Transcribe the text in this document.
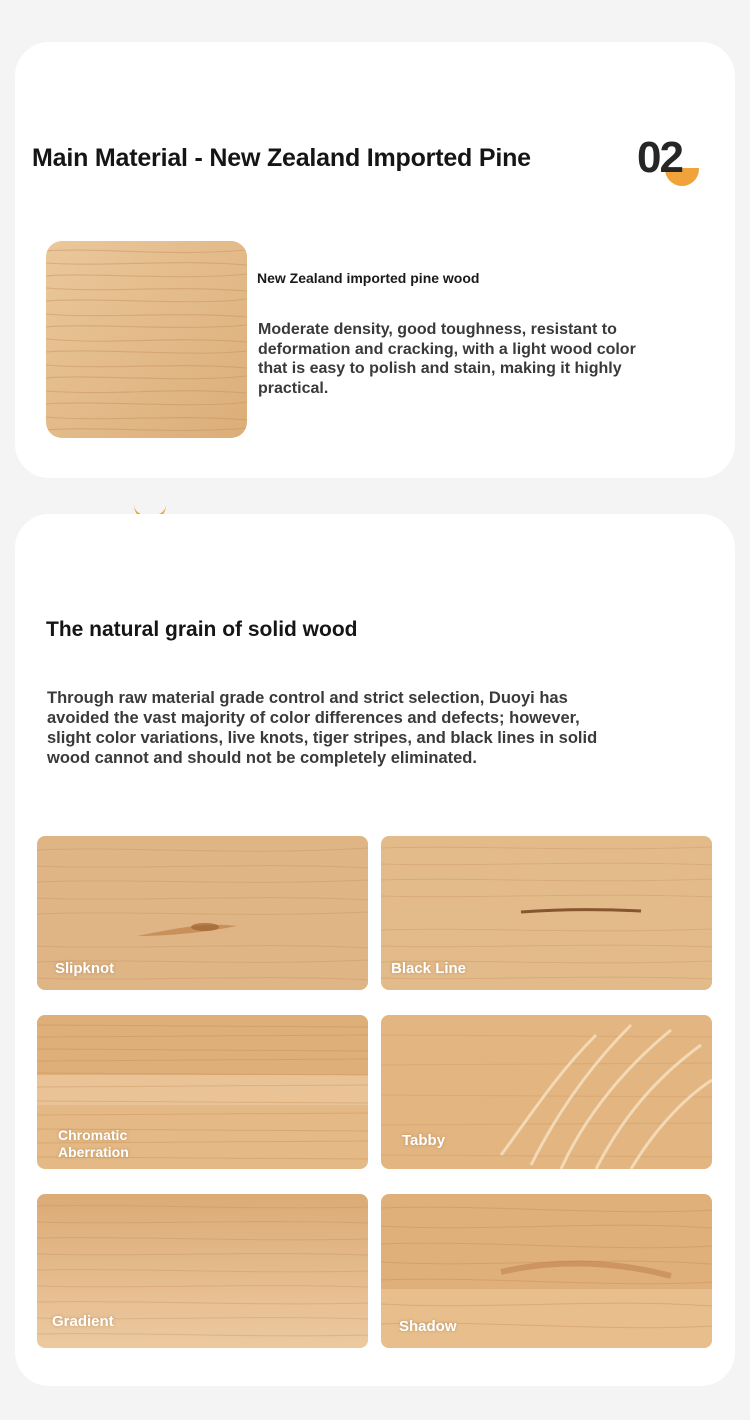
Main Material - New Zealand Imported Pine 02
New Zealand imported pine wood

Moderate density, good toughness, resistant to deformation and cracking, with a light wood color that is easy to polish and stain, making it highly practical.

The natural grain of solid wood

Through raw material grade control and strict selection, Duoyi has avoided the vast majority of color differences and defects; however, slight color variations, live knots, tiger stripes, and black lines in solid wood cannot and should not be completely eliminated.

Slipknot	Black Line
Chromatic
Aberration
Tabby
Gradient	Shadow
